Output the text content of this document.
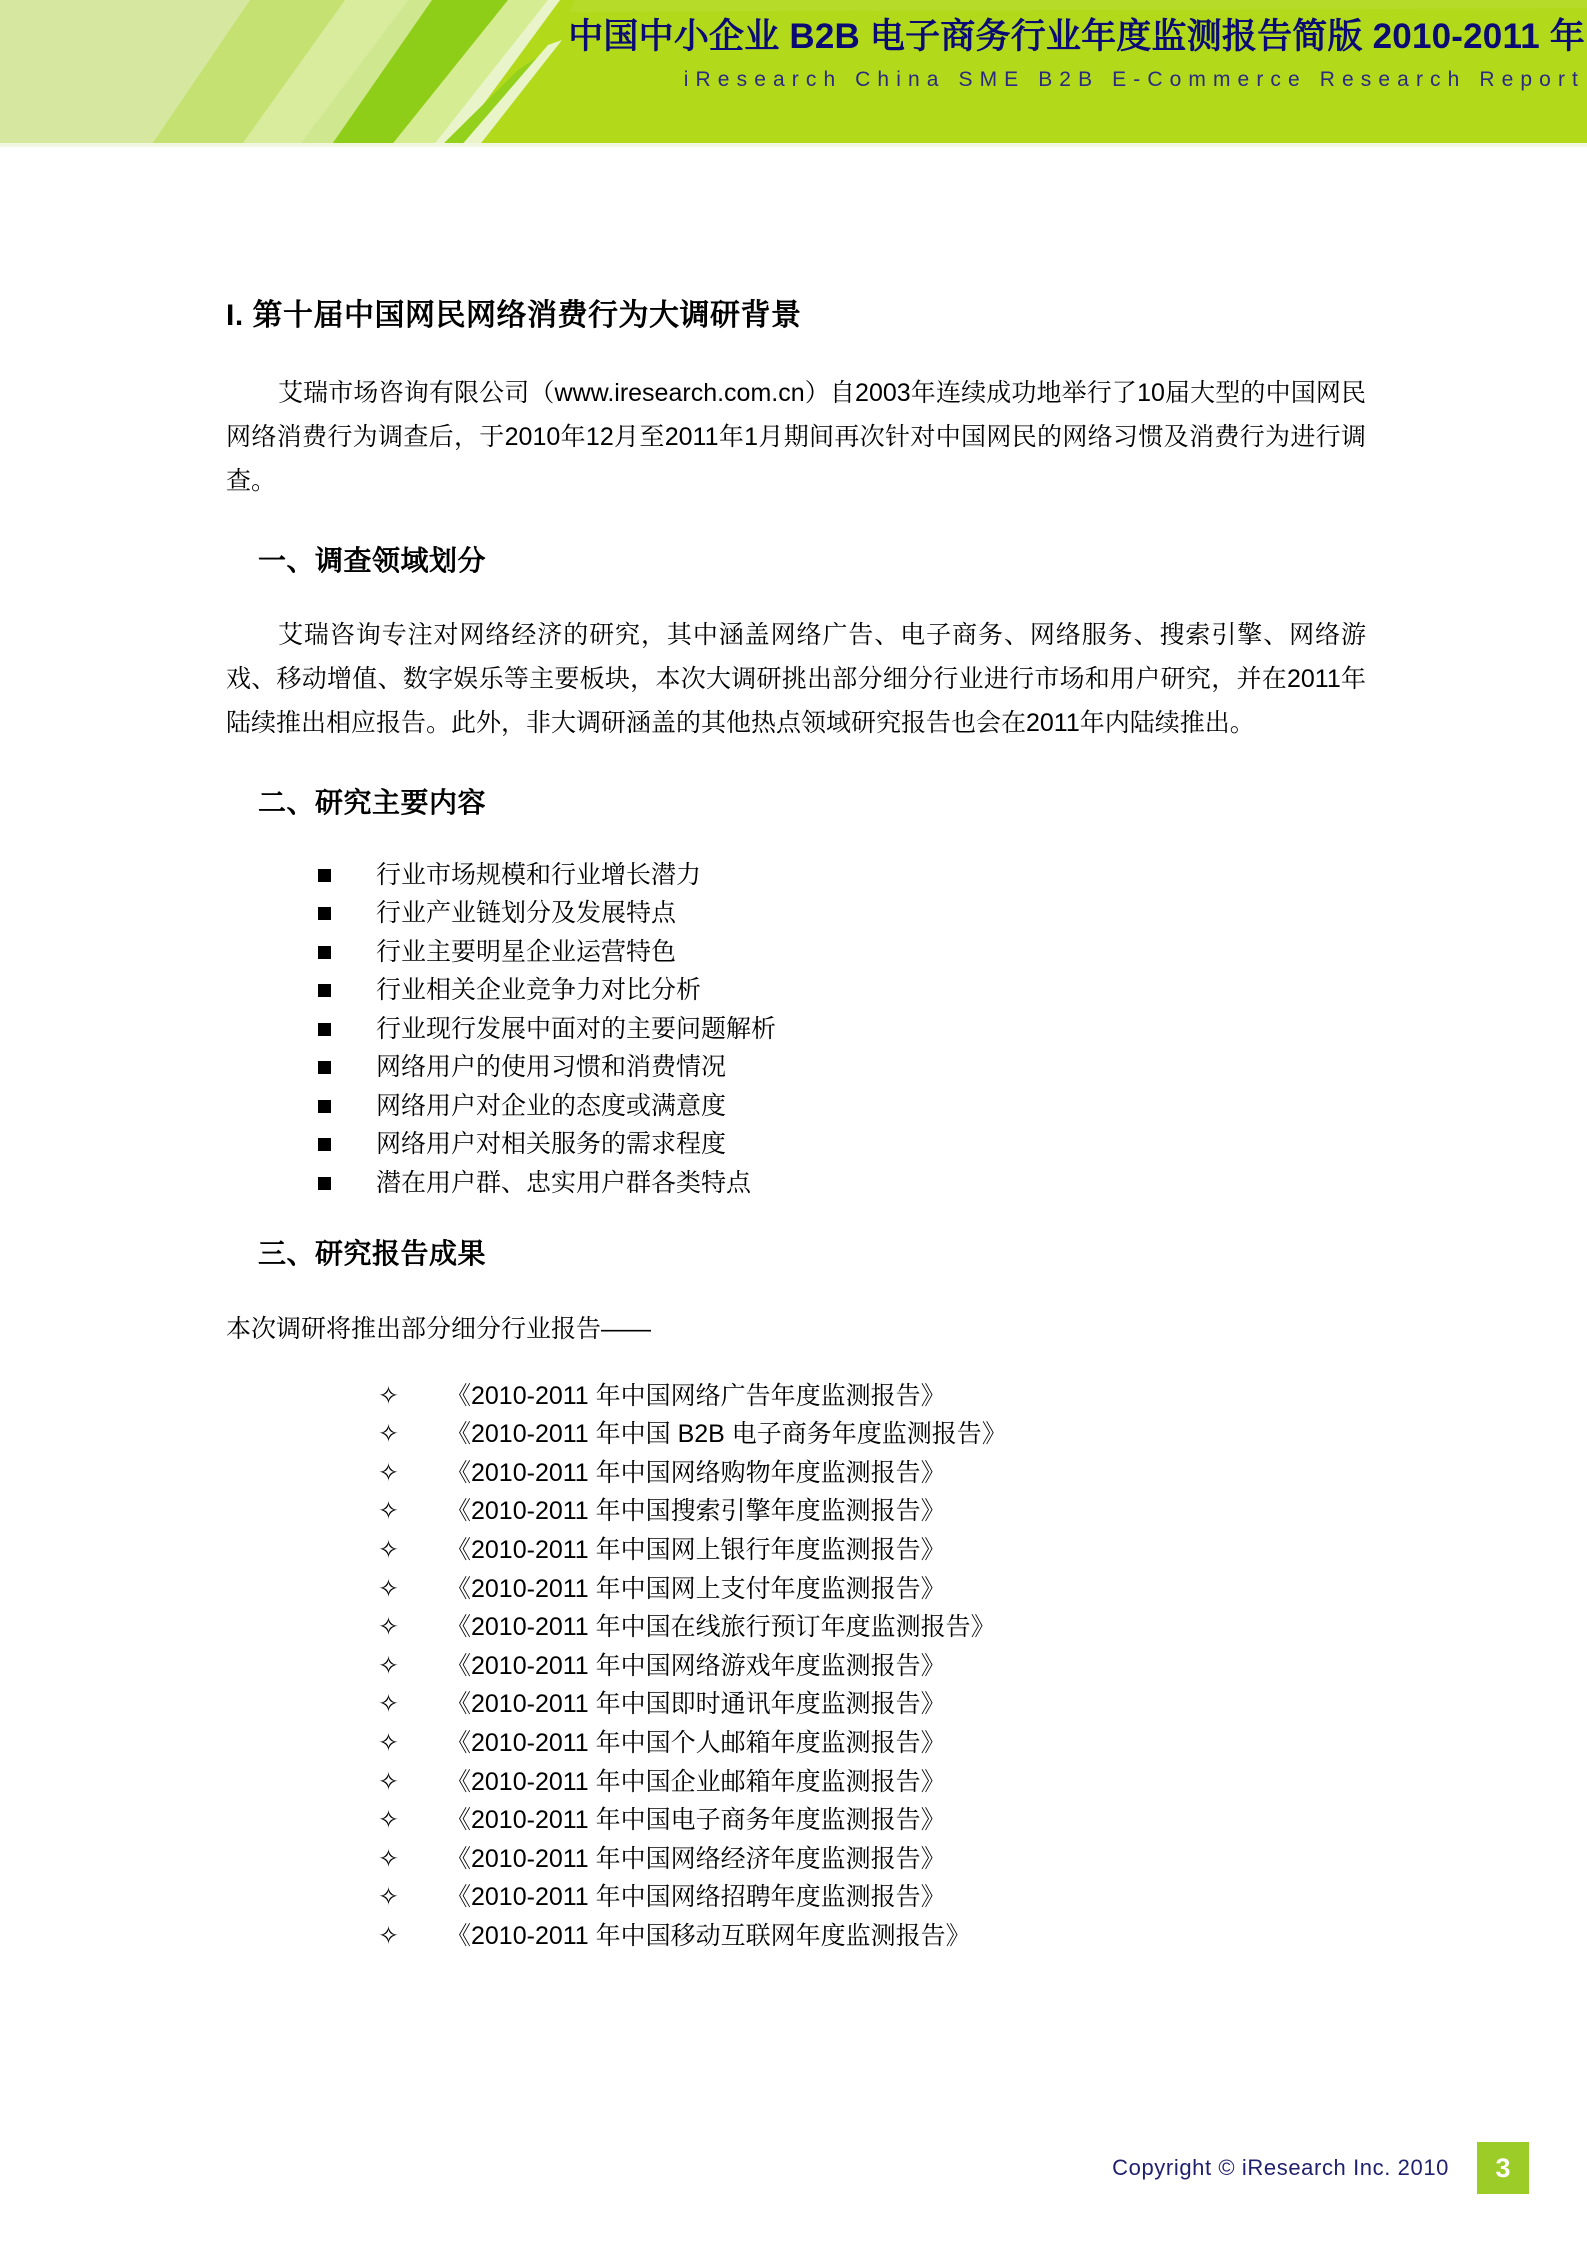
中国中小企业 B2B 电子商务行业年度监测报告简版 2010-2011 年
iResearch China SME B2B E-Commerce Research Report
I. 第十届中国网民网络消费行为大调研背景

艾瑞市场咨询有限公司（www.iresearch.com.cn）自2003年连续成功地举行了10届大型的中国网民网络消费行为调查后，于2010年12月至2011年1月期间再次针对中国网民的网络习惯及消费行为进行调查。

一、调查领域划分

艾瑞咨询专注对网络经济的研究，其中涵盖网络广告、电子商务、网络服务、搜索引擎、网络游戏、移动增值、数字娱乐等主要板块，本次大调研挑出部分细分行业进行市场和用户研究，并在2011年陆续推出相应报告。此外，非大调研涵盖的其他热点领域研究报告也会在2011年内陆续推出。

二、研究主要内容
行业市场规模和行业增长潜力
行业产业链划分及发展特点
行业主要明星企业运营特色
行业相关企业竞争力对比分析
行业现行发展中面对的主要问题解析
网络用户的使用习惯和消费情况
网络用户对企业的态度或满意度
网络用户对相关服务的需求程度
潜在用户群、忠实用户群各类特点
三、研究报告成果

本次调研将推出部分细分行业报告——

✧ 《2010-2011 年中国网络广告年度监测报告》
✧ 《2010-2011 年中国 B2B 电子商务年度监测报告》
✧ 《2010-2011 年中国网络购物年度监测报告》
✧ 《2010-2011 年中国搜索引擎年度监测报告》
✧ 《2010-2011 年中国网上银行年度监测报告》
✧ 《2010-2011 年中国网上支付年度监测报告》
✧ 《2010-2011 年中国在线旅行预订年度监测报告》
✧ 《2010-2011 年中国网络游戏年度监测报告》
✧ 《2010-2011 年中国即时通讯年度监测报告》
✧ 《2010-2011 年中国个人邮箱年度监测报告》
✧ 《2010-2011 年中国企业邮箱年度监测报告》
✧ 《2010-2011 年中国电子商务年度监测报告》
✧ 《2010-2011 年中国网络经济年度监测报告》
✧ 《2010-2011 年中国网络招聘年度监测报告》
✧ 《2010-2011 年中国移动互联网年度监测报告》
Copyright © iResearch Inc. 2010	3
